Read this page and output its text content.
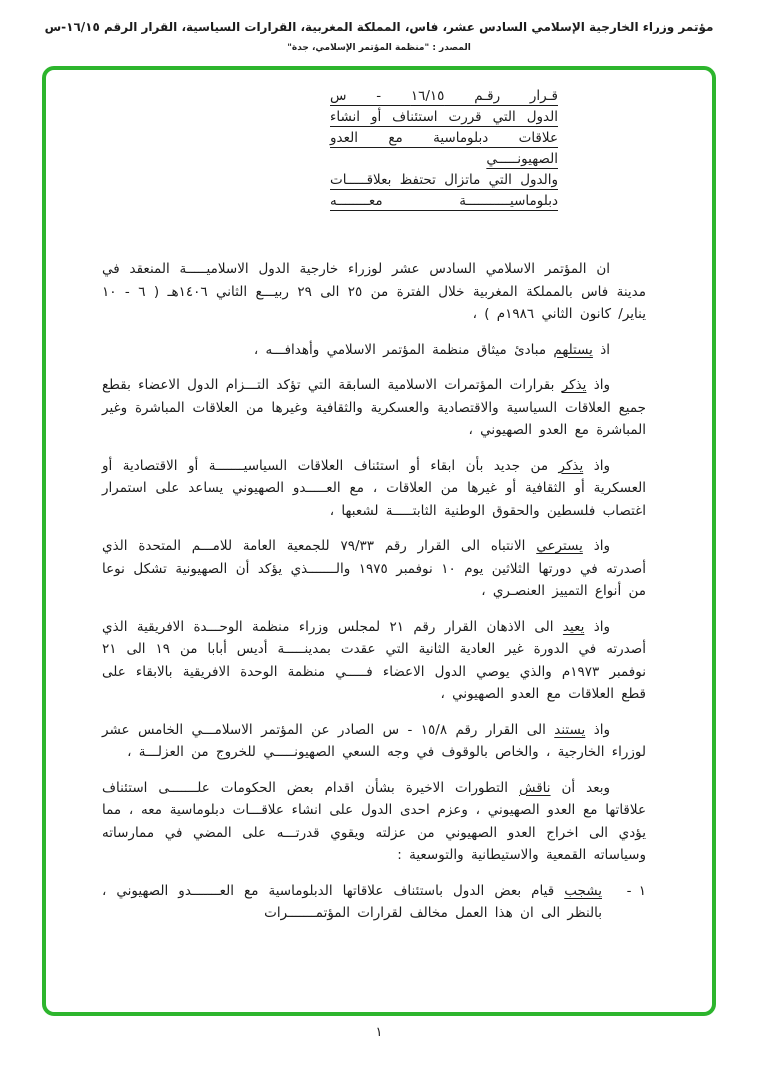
مؤتمر وزراء الخارجية الإسلامي السادس عشر، فاس، المملكة المغربية، القرارات السياسية، القرار الرقم ١٦/١٥-س
المصدر : "منظمة المؤتمر الإسلامي، جدة"
قـرار رقـم ١٦/١٥ - س
الدول التي قررت استئناف أو انشاء
علاقات دبلوماسية مع العدو الصهيونـــــي
والدول التي ماتزال تحتفظ بعلاقـــــات
دبلوماسيـــــــــــة معــــــــه

ان المؤتمر الاسلامي السادس عشر لوزراء خارجية الدول الاسلاميـــــة المنعقد في مدينة فاس بالمملكة المغربية خلال الفترة من ٢٥ الى ٢٩ ربيـــع الثاني ١٤٠٦هـ ( ٦ - ١٠ يناير/ كانون الثاني ١٩٨٦م ) ،

اذ يستلهم مبادئ ميثاق منظمة المؤتمر الاسلامي وأهدافـــه ،

واذ يذكر بقرارات المؤتمرات الاسلامية السابقة التي تؤكد التـــزام الدول الاعضاء بقطع جميع العلاقات السياسية والاقتصادية والعسكرية والثقافية وغيرها من العلاقات المباشرة وغير المباشرة مع العدو الصهيوني ،

واذ يذكر من جديد بأن ابقاء أو استئناف العلاقات السياسيـــــــة أو الاقتصادية أو العسكرية أو الثقافية أو غيرها من العلاقات ، مع العـــــدو الصهيوني يساعد على استمرار اغتصاب فلسطين والحقوق الوطنية الثابتـــــة لشعبها ،

واذ يسترعي الانتباه الى القرار رقم ٧٩/٣٣ للجمعية العامة للامـــم المتحدة الذي أصدرته في دورتها الثلاثين يوم ١٠ نوفمبر ١٩٧٥ والـــــــذي يؤكد أن الصهيونية تشكل نوعا من أنواع التمييز العنصـري ،

واذ يعيد الى الاذهان القرار رقم ٢١ لمجلس وزراء منظمة الوحـــدة الافريقية الذي أصدرته في الدورة غير العادية الثانية التي عقدت بمدينـــــة أديس أبابا من ١٩ الى ٢١ نوفمبر ١٩٧٣م والذي يوصي الدول الاعضاء فـــــي منظمة الوحدة الافريقية بالابقاء على قطع العلاقات مع العدو الصهيوني ،

واذ يستند الى القرار رقم ١٥/٨ - س الصادر عن المؤتمر الاسلامـــي الخامس عشر لوزراء الخارجية ، والخاص بالوقوف في وجه السعي الصهيونـــــي للخروج من العزلـــة ،

وبعد أن ناقش التطورات الاخيرة بشأن اقدام بعض الحكومات علـــــــى استئناف علاقاتها مع العدو الصهيوني ، وعزم احدى الدول على انشاء علاقـــات دبلوماسية معه ، مما يؤدي الى اخراج العدو الصهيوني من عزلته ويقوي قدرتـــه على المضي في ممارساته وسياساته القمعية والاستيطانية والتوسعية :

١ -

يشجب قيام بعض الدول باستئناف علاقاتها الدبلوماسية مع العـــــــدو الصهيوني ، بالنظر الى ان هذا العمل مخالف لقرارات المؤتمـــــــرات

١
